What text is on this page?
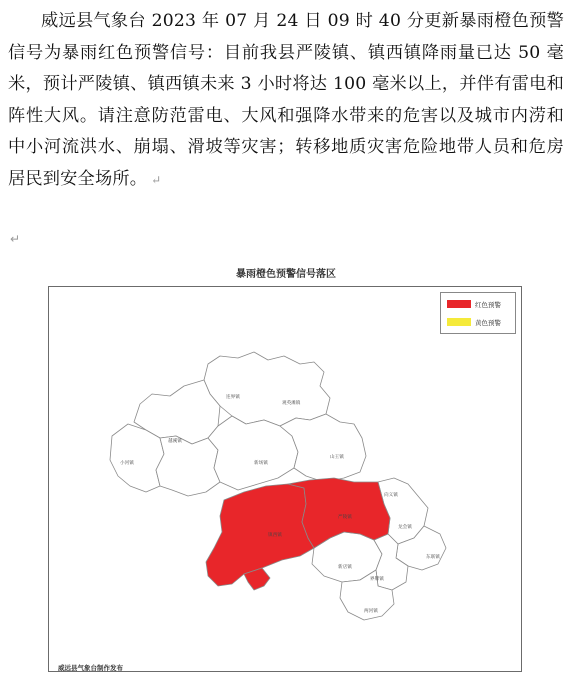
威远县气象台 2023 年 07 月 24 日 09 时 40 分更新暴雨橙色预警信号为暴雨红色预警信号：目前我县严陵镇、镇西镇降雨量已达 50 毫米，预计严陵镇、镇西镇未来 3 小时将达 100 毫米以上，并伴有雷电和阵性大风。请注意防范雷电、大风和强降水带来的危害以及城市内涝和中小河流洪水、崩塌、滑坡等灾害；转移地质灾害危险地带人员和危房居民到安全场所。 ↵
↵
暴雨橙色预警信号落区
连界镇
观英滩镇
越溪镇
小河镇	新场镇
山王镇
向义镇
严陵镇
镇西镇
龙会镇
东联镇
新店镇
界牌镇
两河镇
红色预警
黄色预警
威远县气象台制作发布
